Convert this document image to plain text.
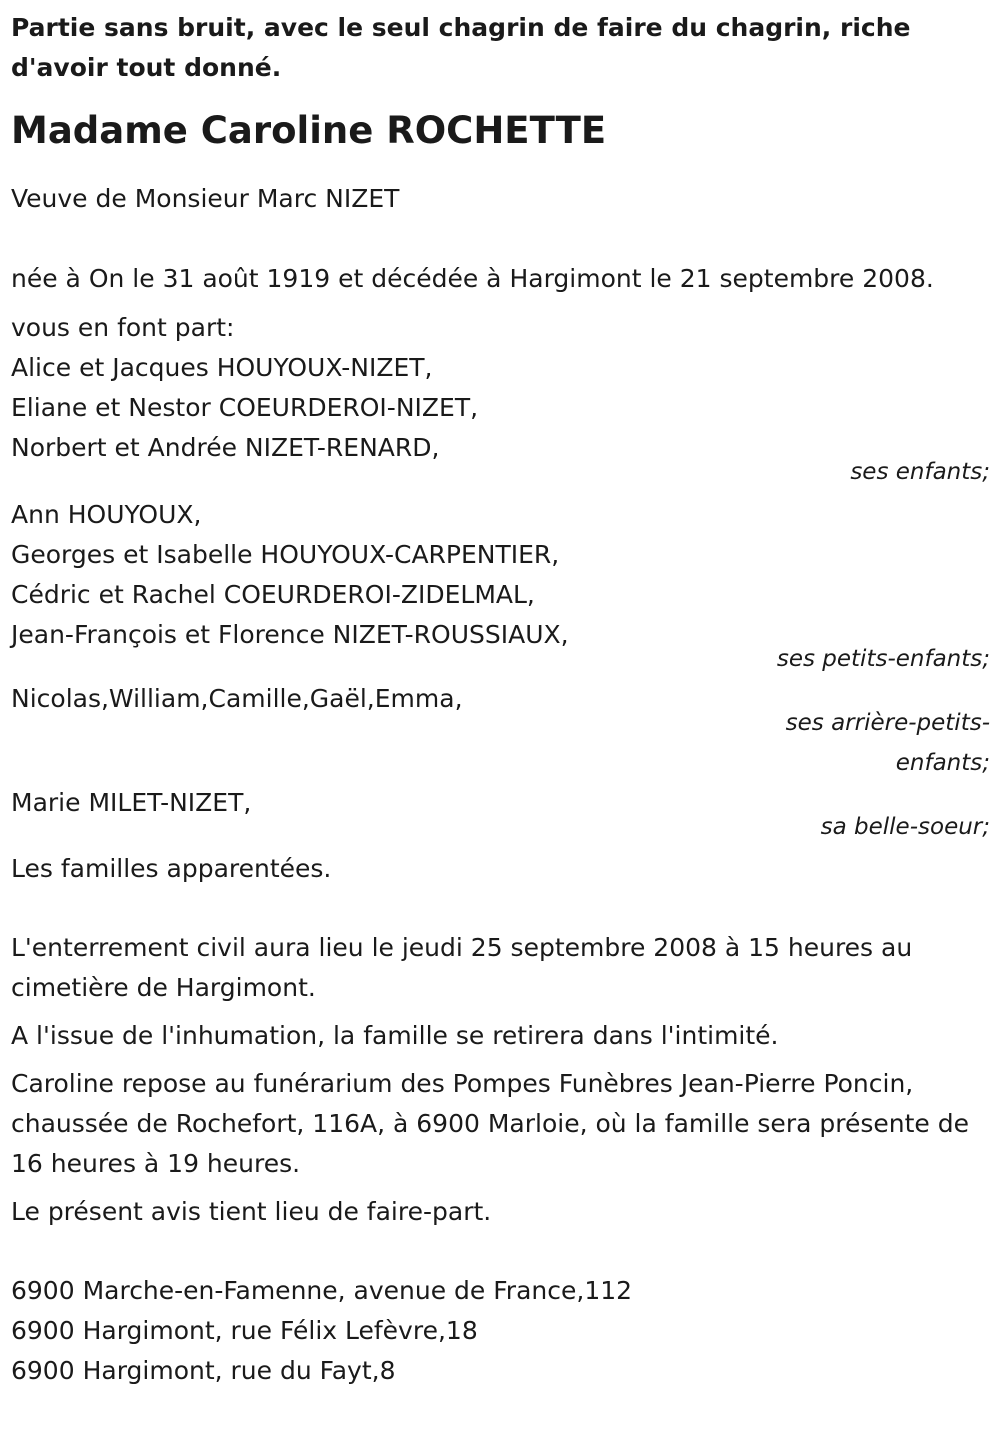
Partie sans bruit, avec le seul chagrin de faire du chagrin, riche d'avoir tout donné.

Madame Caroline ROCHETTE
Veuve de Monsieur Marc NIZET
née à On le 31 août 1919 et décédée à Hargimont le 21 septembre 2008.
vous en font part:
Alice et Jacques HOUYOUX-NIZET,
Eliane et Nestor COEURDEROI-NIZET,
Norbert et Andrée NIZET-RENARD,
ses enfants;
Ann HOUYOUX,
Georges et Isabelle HOUYOUX-CARPENTIER,
Cédric et Rachel COEURDEROI-ZIDELMAL,
Jean-François et Florence NIZET-ROUSSIAUX,
ses petits-enfants;
Nicolas,William,Camille,Gaël,Emma,
ses arrière-petits-enfants;
Marie MILET-NIZET,
sa belle-soeur;
Les familles apparentées.
L'enterrement civil aura lieu le jeudi 25 septembre 2008 à 15 heures au cimetière de Hargimont.
A l'issue de l'inhumation, la famille se retirera dans l'intimité.
Caroline repose au funérarium des Pompes Funèbres Jean-Pierre Poncin, chaussée de Rochefort, 116A, à 6900 Marloie, où la famille sera présente de 16 heures à 19 heures.
Le présent avis tient lieu de faire-part.
6900 Marche-en-Famenne, avenue de France,112
6900 Hargimont, rue Félix Lefèvre,18
6900 Hargimont, rue du Fayt,8
